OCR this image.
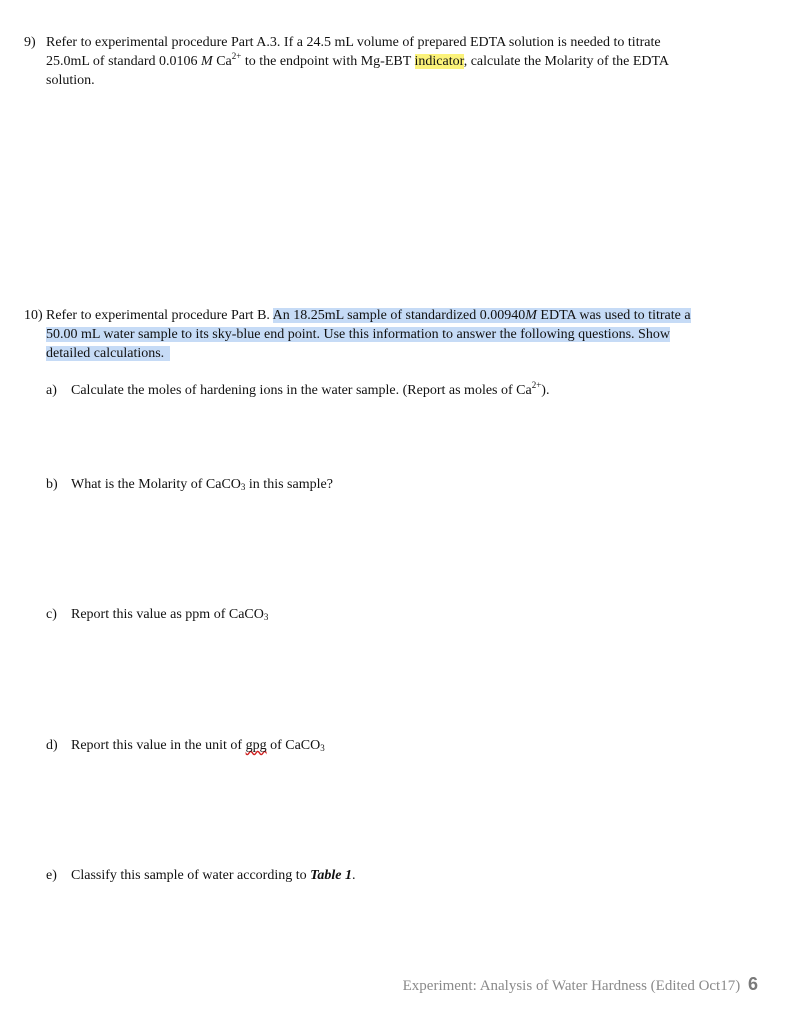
9) Refer to experimental procedure Part A.3. If a 24.5 mL volume of prepared EDTA solution is needed to titrate
25.0mL of standard 0.0106 M $Ca^{2+}$ to the endpoint with Mg-EBT indicator, calculate the Molarity of the EDTA
solution.
10) Refer to experimental procedure Part B. An 18.25mL sample of standardized 0.00940M EDTA was used to titrate a
50.00 mL water sample to its sky-blue end point. Use this information to answer the following questions. Show
detailed calculations.
a) Calculate the moles of hardening ions in the water sample. (Report as moles of $Ca^{2+}$).
b) What is the Molarity of CaCO$_3$ in this sample?
c) Report this value as ppm of CaCO$_3$
d) Report this value in the unit of gpg of CaCO$_3$
e) Classify this sample of water according to Table 1.
Experiment: Analysis of Water Hardness (Edited Oct17) 6
